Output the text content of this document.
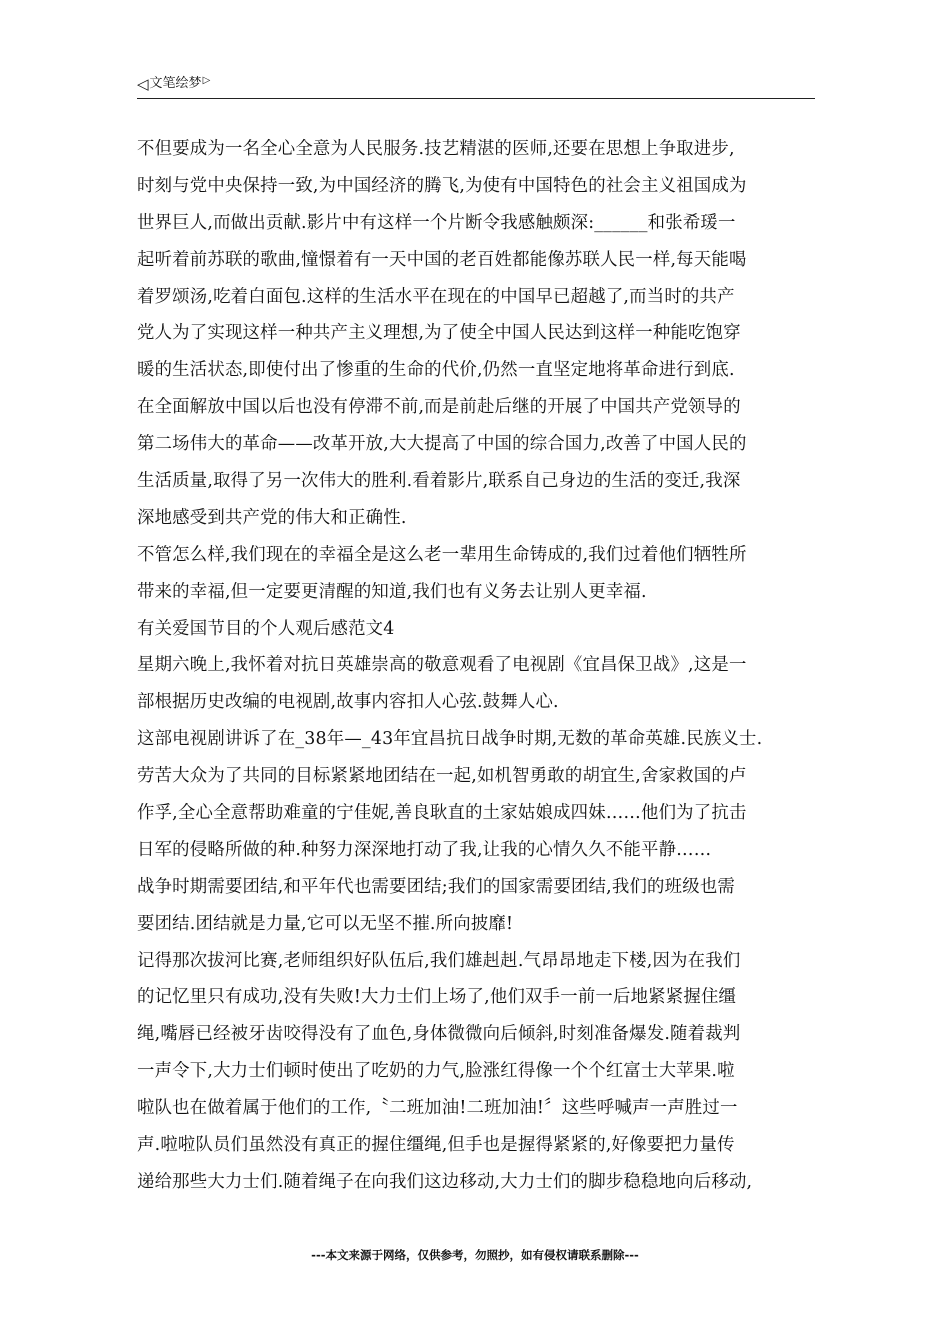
◁ 文笔绘梦 ▷
不但要成为一名全心全意为人民服务.技艺精湛的医师,还要在思想上争取进步,
时刻与党中央保持一致,为中国经济的腾飞,为使有中国特色的社会主义祖国成为
世界巨人,而做出贡献.影片中有这样一个片断令我感触颇深:______和张希瑗一
起听着前苏联的歌曲,憧憬着有一天中国的老百姓都能像苏联人民一样,每天能喝
着罗颂汤,吃着白面包.这样的生活水平在现在的中国早已超越了,而当时的共产
党人为了实现这样一种共产主义理想,为了使全中国人民达到这样一种能吃饱穿
暖的生活状态,即使付出了惨重的生命的代价,仍然一直坚定地将革命进行到底.
在全面解放中国以后也没有停滞不前,而是前赴后继的开展了中国共产党领导的
第二场伟大的革命——改革开放,大大提高了中国的综合国力,改善了中国人民的
生活质量,取得了另一次伟大的胜利.看着影片,联系自己身边的生活的变迁,我深
深地感受到共产党的伟大和正确性.
不管怎么样,我们现在的幸福全是这么老一辈用生命铸成的,我们过着他们牺牲所
带来的幸福,但一定要更清醒的知道,我们也有义务去让别人更幸福.
有关爱国节目的个人观后感范文4
星期六晚上,我怀着对抗日英雄崇高的敬意观看了电视剧《宜昌保卫战》,这是一
部根据历史改编的电视剧,故事内容扣人心弦.鼓舞人心.
这部电视剧讲诉了在_38年—_43年宜昌抗日战争时期,无数的革命英雄.民族义士.
劳苦大众为了共同的目标紧紧地团结在一起,如机智勇敢的胡宜生,舍家救国的卢
作孚,全心全意帮助难童的宁佳妮,善良耿直的土家姑娘成四妹……他们为了抗击
日军的侵略所做的种.种努力深深地打动了我,让我的心情久久不能平静……
战争时期需要团结,和平年代也需要团结;我们的国家需要团结,我们的班级也需
要团结.团结就是力量,它可以无坚不摧.所向披靡!
记得那次拔河比赛,老师组织好队伍后,我们雄赳赳.气昂昂地走下楼,因为在我们
的记忆里只有成功,没有失败!大力士们上场了,他们双手一前一后地紧紧握住缰
绳,嘴唇已经被牙齿咬得没有了血色,身体微微向后倾斜,时刻准备爆发.随着裁判
一声令下,大力士们顿时使出了吃奶的力气,脸涨红得像一个个红富士大苹果.啦
啦队也在做着属于他们的工作,〝二班加油!二班加油!〞这些呼喊声一声胜过一
声.啦啦队员们虽然没有真正的握住缰绳,但手也是握得紧紧的,好像要把力量传
递给那些大力士们.随着绳子在向我们这边移动,大力士们的脚步稳稳地向后移动,
---本文来源于网络，仅供参考，勿照抄，如有侵权请联系删除---
